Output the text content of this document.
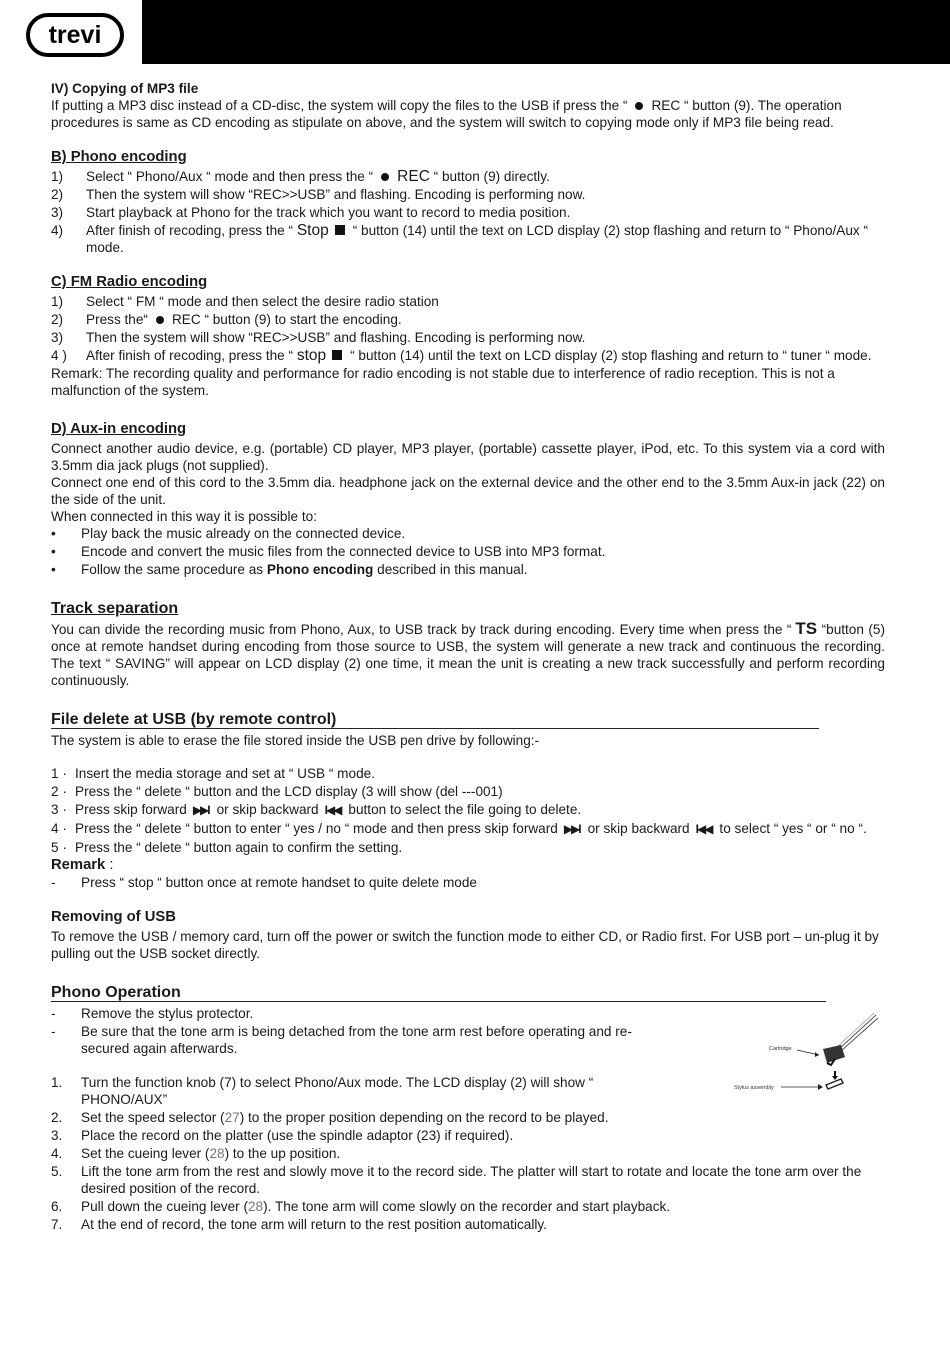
trevi
IV) Copying of MP3 file
If putting a MP3 disc instead of a CD-disc, the system will copy the files to the USB if press the “ REC “ button (9). The operation procedures is same as CD encoding as stipulate on above, and the system will switch to copying mode only if MP3 file being read.
B) Phono encoding
1)	Select “ Phono/Aux “ mode and then press the “ REC “ button (9) directly.
2)	Then the system will show “REC>>USB” and flashing. Encoding is performing now.
3)	Start playback at Phono for the track which you want to record to media position.
4)	After finish of recoding, press the “ Stop “ button (14) until the text on LCD display (2) stop flashing and return to “ Phono/Aux “ mode.
C) FM Radio encoding
1)	Select “ FM “ mode and then select the desire radio station
2)	Press the“ REC “ button (9) to start the encoding.
3)	Then the system will show “REC>>USB” and flashing. Encoding is performing now.
4 )	After finish of recoding, press the “ stop “ button (14) until the text on LCD display (2) stop flashing and return to “ tuner “ mode.
Remark: The recording quality and performance for radio encoding is not stable due to interference of radio reception. This is not a malfunction of the system.
D) Aux-in encoding
Connect another audio device, e.g. (portable) CD player, MP3 player, (portable) cassette player, iPod, etc. To this system via a cord with 3.5mm dia jack plugs (not supplied).
Connect one end of this cord to the 3.5mm dia. headphone jack on the external device and the other end to the 3.5mm Aux-in jack (22) on the side of the unit.
When connected in this way it is possible to:
•	Play back the music already on the connected device.
•	Encode and convert the music files from the connected device to USB into MP3 format.
•	Follow the same procedure as Phono encoding described in this manual.
Track separation
You can divide the recording music from Phono, Aux, to USB track by track during encoding. Every time when press the “ TS “button (5) once at remote handset during encoding from those source to USB, the system will generate a new track and continuous the recording. The text “ SAVING” will appear on LCD display (2) one time, it mean the unit is creating a new track successfully and perform recording continuously.
File delete at USB (by remote control)
The system is able to erase the file stored inside the USB pen drive by following:-
1 · Insert the media storage and set at “ USB “ mode.
2 · Press the “ delete “ button and the LCD display (3 will show (del ---001)
3 · Press skip forward ▶▶I or skip backward I◀◀ button to select the file going to delete.
4 · Press the “ delete “ button to enter “ yes / no “ mode and then press skip forward ▶▶I or skip backward I◀◀ to select “ yes “ or “ no “.
5 · Press the “ delete “ button again to confirm the setting.
Remark :
-	Press “ stop “ button once at remote handset to quite delete mode
Removing of USB
To remove the USB / memory card, turn off the power or switch the function mode to either CD, or Radio first. For USB port – un-plug it by pulling out the USB socket directly.
Phono Operation
Cartridge
Stylus assembly
-	Remove the stylus protector.
-	Be sure that the tone arm is being detached from the tone arm rest before operating and re-secured again afterwards.
1.	Turn the function knob (7) to select Phono/Aux mode. The LCD display (2) will show “ PHONO/AUX”
2.	Set the speed selector (27) to the proper position depending on the record to be played.
3.	Place the record on the platter (use the spindle adaptor (23) if required).
4.	Set the cueing lever (28) to the up position.
5.	Lift the tone arm from the rest and slowly move it to the record side. The platter will start to rotate and locate the tone arm over the desired position of the record.
6.	Pull down the cueing lever (28). The tone arm will come slowly on the recorder and start playback.
7.	At the end of record, the tone arm will return to the rest position automatically.
